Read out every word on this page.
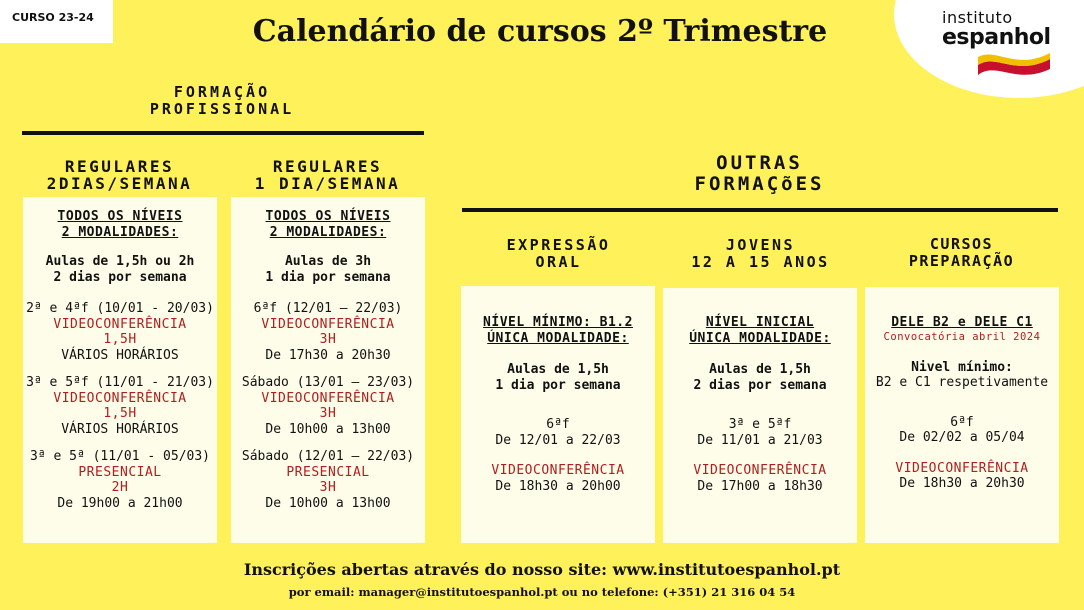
CURSO 23-24	Calendário de cursos 2º Trimestre	instituto
espanhol
FORMAÇÃO
PROFISSIONAL
OUTRAS
FORMAÇõES
REGULARES
2DIAS/SEMANA
REGULARES
1 DIA/SEMANA
EXPRESSÃO
ORAL
JOVENS
12 A 15 ANOS
CURSOS
PREPARAÇÃO
TODOS OS NÍVEIS
2 MODALIDADES:
Aulas de 1,5h ou 2h
2 dias por semana
2ª e 4ªf (10/01 - 20/03)
VIDEOCONFERÊNCIA
1,5H
VÁRIOS HORÁRIOS
3ª e 5ªf (11/01 - 21/03)
VIDEOCONFERÊNCIA
1,5H
VÁRIOS HORÁRIOS
3ª e 5ª (11/01 - 05/03)
PRESENCIAL
2H
De 19h00 a 21h00
TODOS OS NÍVEIS
2 MODALIDADES:
Aulas de 3h
1 dia por semana
6ªf (12/01 – 22/03)
VIDEOCONFERÊNCIA
3H
De 17h30 a 20h30
Sábado (13/01 – 23/03)
VIDEOCONFERÊNCIA
3H
De 10h00 a 13h00
Sábado (12/01 – 22/03)
PRESENCIAL
3H
De 10h00 a 13h00
NÍVEL MÍNIMO: B1.2
ÚNICA MODALIDADE:
Aulas de 1,5h
1 dia por semana
6ªf
De 12/01 a 22/03
VIDEOCONFERÊNCIA
De 18h30 a 20h00
NÍVEL INICIAL
ÚNICA MODALIDADE:
Aulas de 1,5h
2 dias por semana
3ª e 5ªf
De 11/01 a 21/03
VIDEOCONFERÊNCIA
De 17h00 a 18h30
DELE B2 e DELE C1
Convocatória abril 2024
Nivel mínimo:
B2 e C1 respetivamente
6ªf
De 02/02 a 05/04
VIDEOCONFERÊNCIA
De 18h30 a 20h30
Inscrições abertas através do nosso site: www.institutoespanhol.pt
por email: manager@institutoespanhol.pt ou no telefone: (+351) 21 316 04 54
